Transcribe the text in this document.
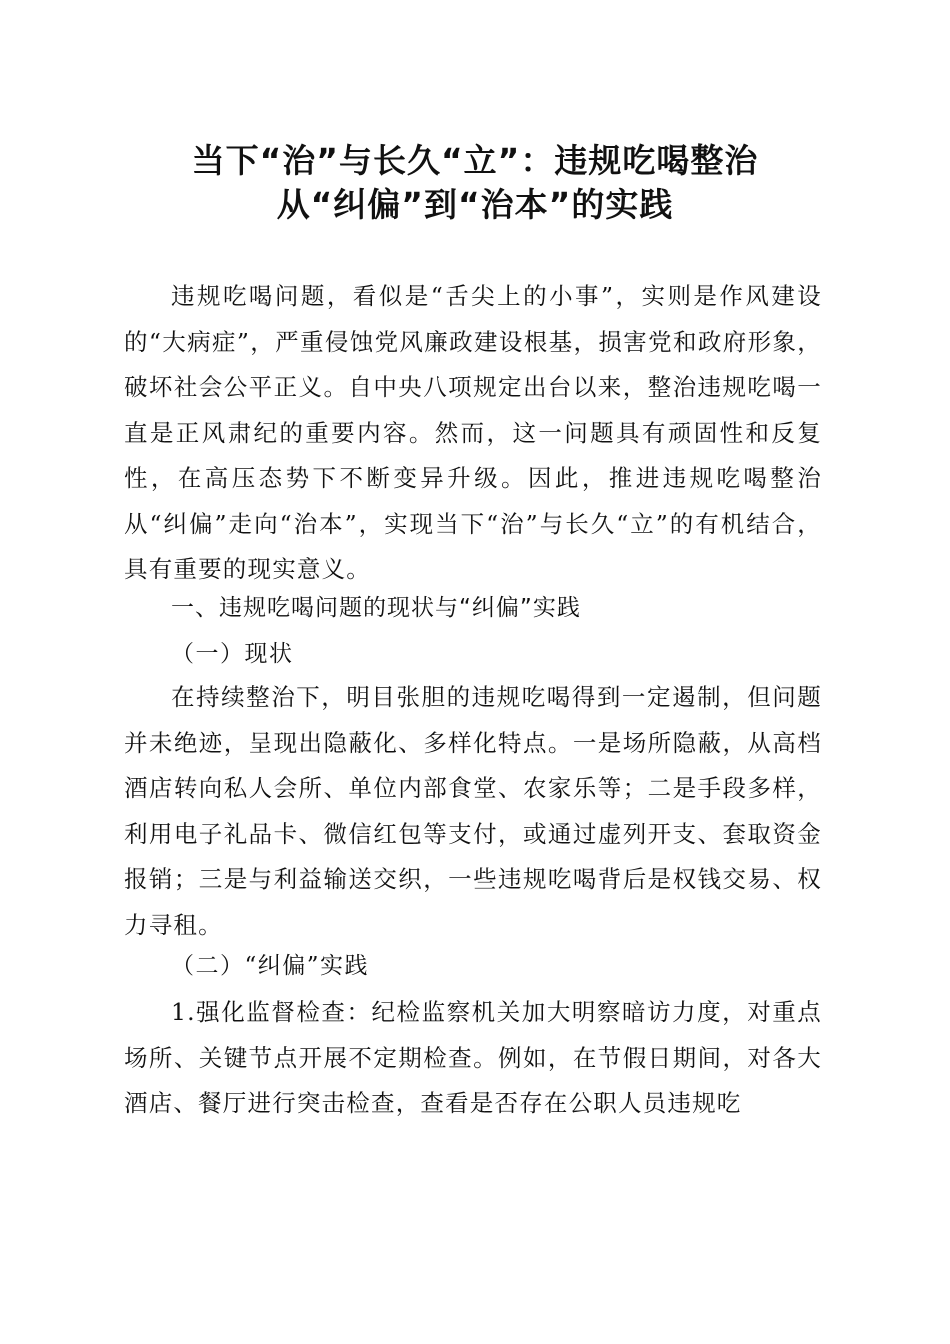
当下“治”与长久“立”：违规吃喝整治
从“纠偏”到“治本”的实践
违规吃喝问题，看似是“舌尖上的小事”，实则是作风建设的“大病症”，严重侵蚀党风廉政建设根基，损害党和政府形象，破坏社会公平正义。自中央八项规定出台以来，整治违规吃喝一直是正风肃纪的重要内容。然而，这一问题具有顽固性和反复性，在高压态势下不断变异升级。因此，推进违规吃喝整治从“纠偏”走向“治本”，实现当下“治”与长久“立”的有机结合，具有重要的现实意义。
一、违规吃喝问题的现状与“纠偏”实践
（一）现状
在持续整治下，明目张胆的违规吃喝得到一定遏制，但问题并未绝迹，呈现出隐蔽化、多样化特点。一是场所隐蔽，从高档酒店转向私人会所、单位内部食堂、农家乐等；二是手段多样，利用电子礼品卡、微信红包等支付，或通过虚列开支、套取资金报销；三是与利益输送交织，一些违规吃喝背后是权钱交易、权力寻租。
（二）“纠偏”实践
1.强化监督检查：纪检监察机关加大明察暗访力度，对重点场所、关键节点开展不定期检查。例如，在节假日期间，对各大酒店、餐厅进行突击检查，查看是否存在公职人员违规吃
